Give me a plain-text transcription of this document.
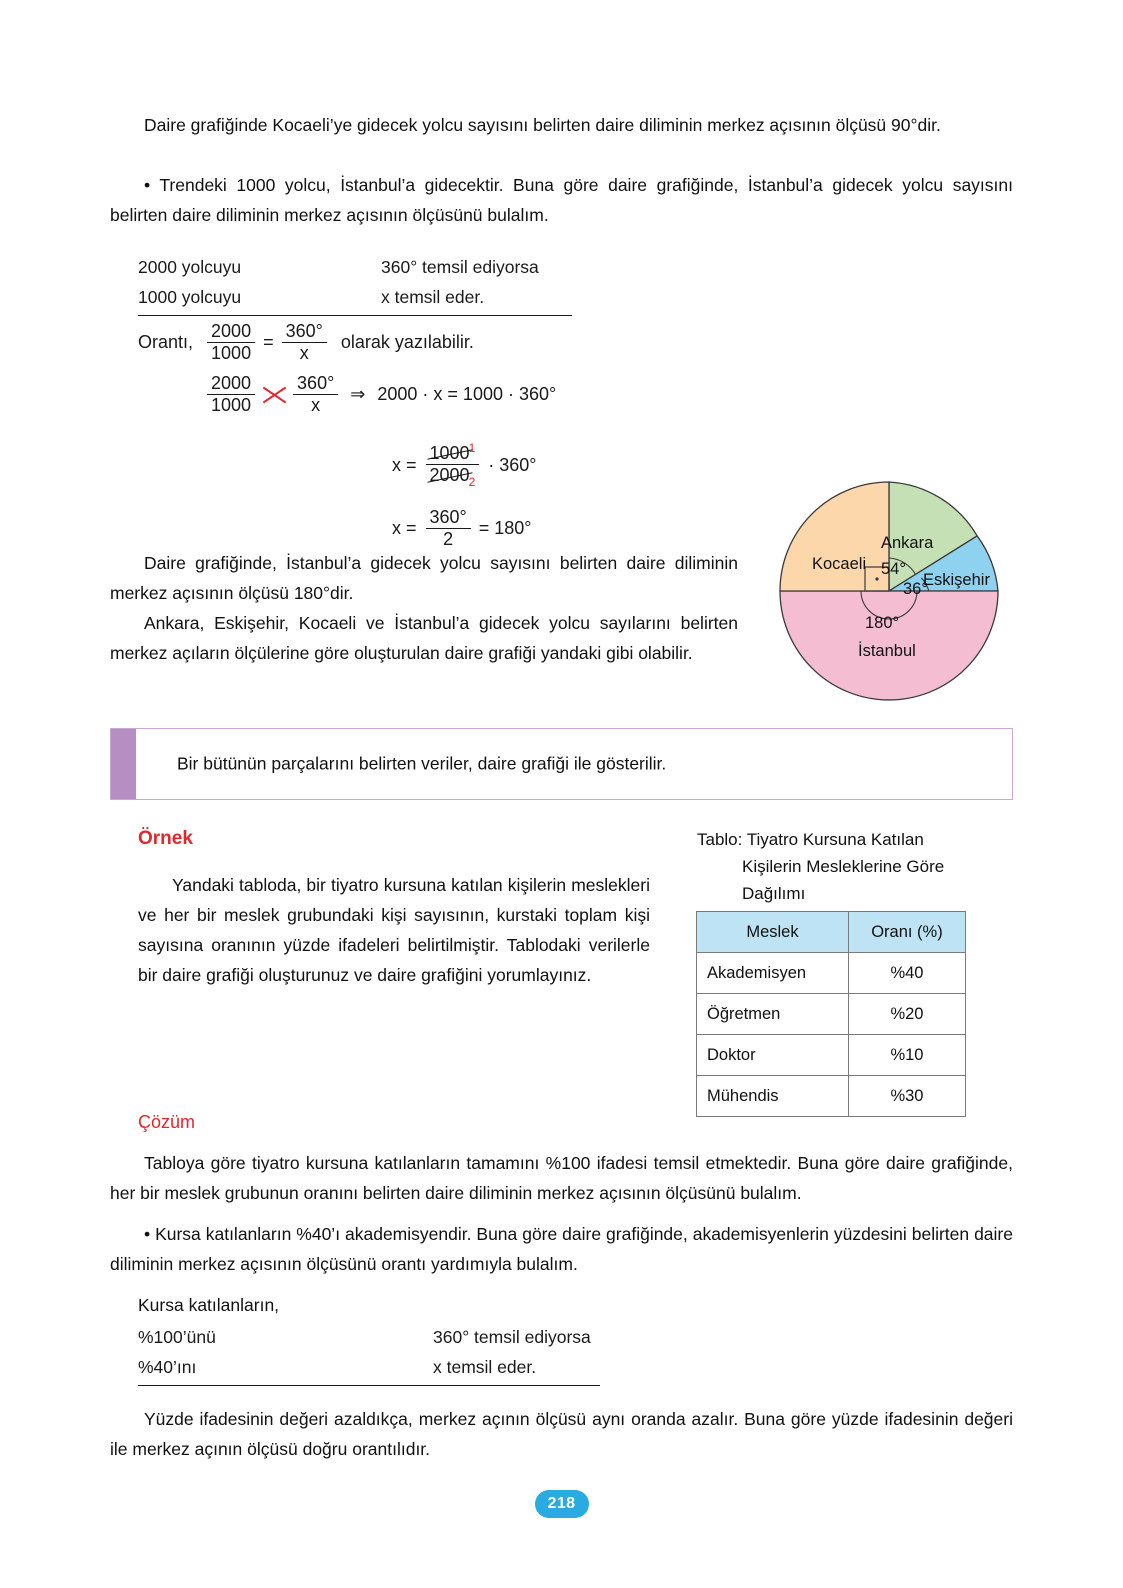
Daire grafiğinde Kocaeli’ye gidecek yolcu sayısını belirten daire diliminin merkez açısının ölçüsü 90°dir.
• Trendeki 1000 yolcu, İstanbul’a gidecektir. Buna göre daire grafiğinde, İstanbul’a gidecek yolcu sayısını belirten daire diliminin merkez açısının ölçüsünü bulalım.
2000 yolcuyu	360° temsil ediyorsa
1000 yolcuyu	x temsil eder.
Orantı, $\frac{2000}{1000} = \frac{360^\circ}{x}$ olarak yazılabilir.
$\frac{2000}{1000} \frac{360^\circ}{x}$ ⇒ 2000 · x = 1000 · 360°
$x = \frac{1000^1}{2000_2} \cdot 360^\circ$
$x = \frac{360^\circ}{2} = 180^\circ$
Daire grafiğinde, İstanbul’a gidecek yolcu sayısını belirten daire diliminin merkez açısının ölçüsü 180°dir.
Ankara, Eskişehir, Kocaeli ve İstanbul’a gidecek yolcu sayılarını belirten merkez açıların ölçülerine göre oluşturulan daire grafiği yandaki gibi olabilir.
Ankara
Kocaeli
Eskişehir
54°
36°
180°
İstanbul
Bir bütünün parçalarını belirten veriler, daire grafiği ile gösterilir.
Örnek
Yandaki tabloda, bir tiyatro kursuna katılan kişilerin meslekleri ve her bir meslek grubundaki kişi sayısının, kurstaki toplam kişi sayısına oranının yüzde ifadeleri belirtilmiştir. Tablodaki verilerle bir daire grafiği oluşturunuz ve daire grafiğini yorumlayınız.
Tablo: Tiyatro Kursuna Katılan
Kişilerin Mesleklerine Göre
Dağılımı
Meslek	Oranı (%)
Akademisyen	%40
Öğretmen	%20
Doktor	%10
Mühendis	%30
Çözüm
Tabloya göre tiyatro kursuna katılanların tamamını %100 ifadesi temsil etmektedir. Buna göre daire grafiğinde, her bir meslek grubunun oranını belirten daire diliminin merkez açısının ölçüsünü bulalım.
• Kursa katılanların %40’ı akademisyendir. Buna göre daire grafiğinde, akademisyenlerin yüzdesini belirten daire diliminin merkez açısının ölçüsünü orantı yardımıyla bulalım.
Kursa katılanların,
%100’ünü	360° temsil ediyorsa
%40’ını	x temsil eder.
Yüzde ifadesinin değeri azaldıkça, merkez açının ölçüsü aynı oranda azalır. Buna göre yüzde ifadesinin değeri ile merkez açının ölçüsü doğru orantılıdır.
218
